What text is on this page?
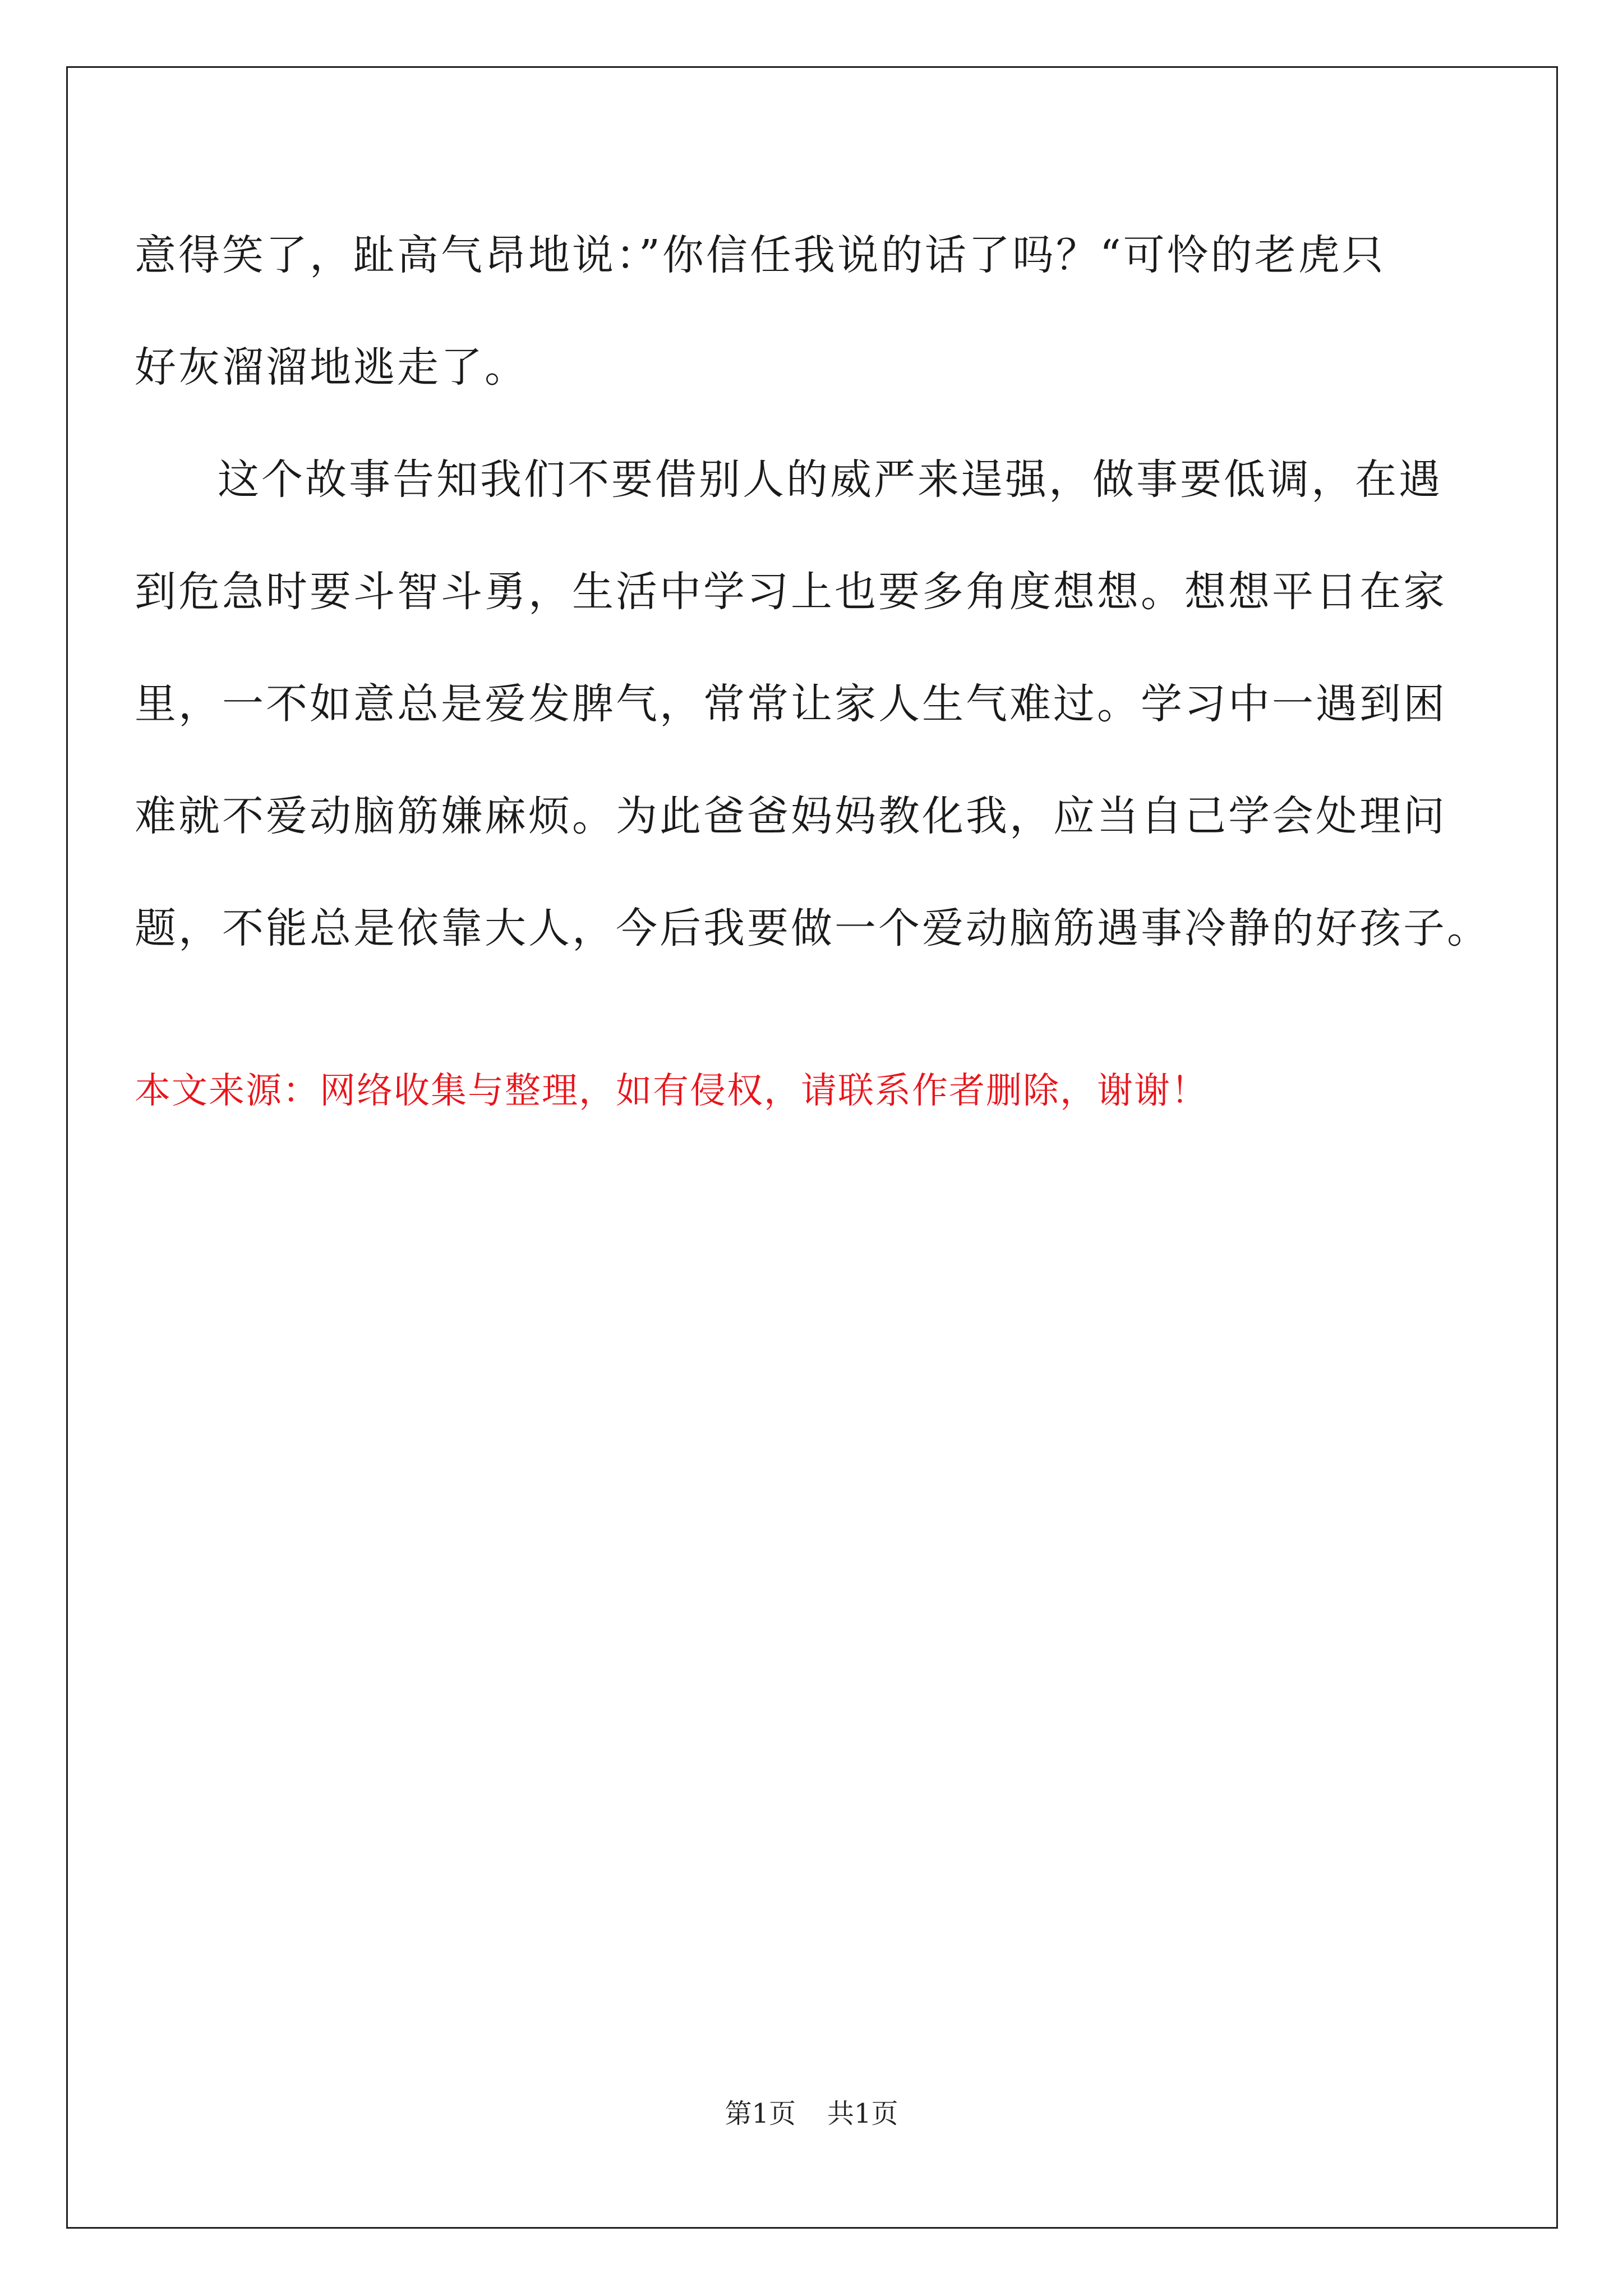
意得笑了，趾高气昂地说：”你信任我说的话了吗？“可怜的老虎只
好灰溜溜地逃走了。
这个故事告知我们不要借别人的威严来逞强，做事要低调，在遇
到危急时要斗智斗勇，生活中学习上也要多角度想想。想想平日在家
里，一不如意总是爱发脾气，常常让家人生气难过。学习中一遇到困
难就不爱动脑筋嫌麻烦。为此爸爸妈妈教化我，应当自己学会处理问
题，不能总是依靠大人，今后我要做一个爱动脑筋遇事冷静的好孩子。
本文来源：网络收集与整理，如有侵权，请联系作者删除，谢谢！
第1页 共1页
